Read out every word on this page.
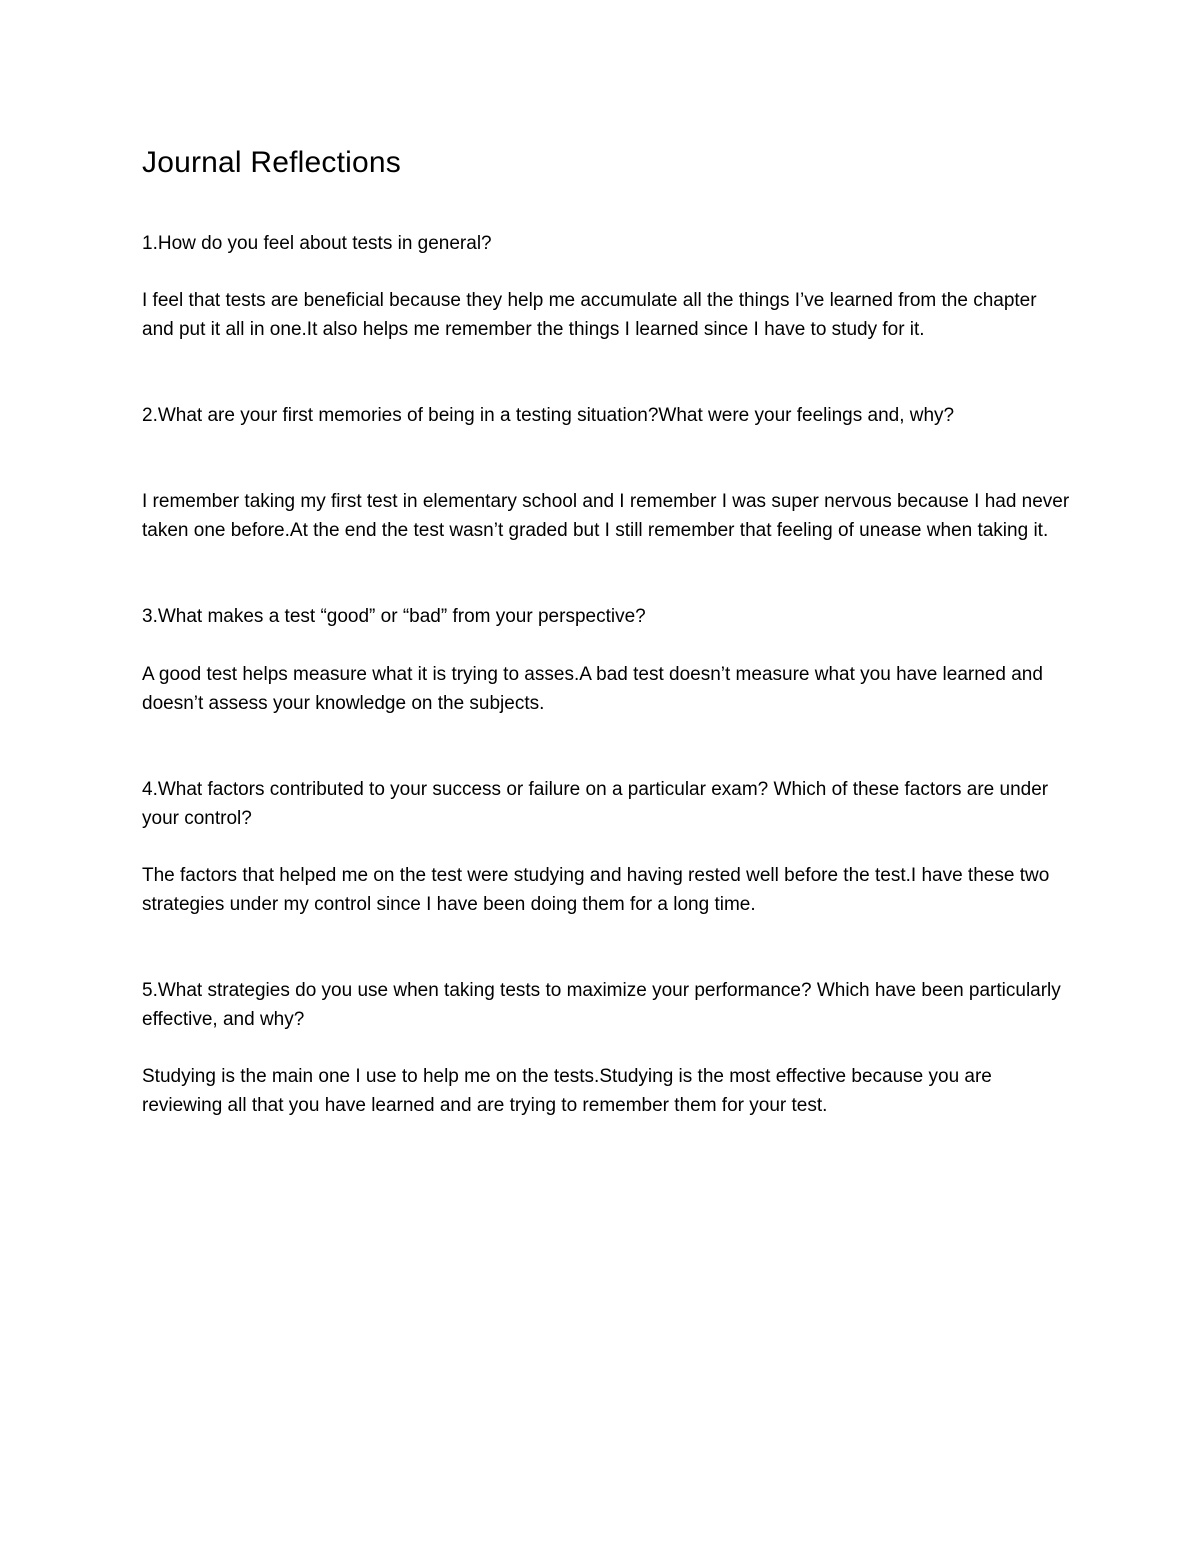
Journal Reflections

1.How do you feel about tests in general?

I feel that tests are beneficial because they help me accumulate all the things I’ve learned from the chapter and put it all in one.It also helps me remember the things I learned since I have to study for it.

2.What are your first memories of being in a testing situation?What were your feelings and, why?

I remember taking my first test in elementary school and I remember I was super nervous because I had never taken one before.At the end the test wasn’t graded but I still remember that feeling of unease when taking it.

3.What makes a test “good” or “bad” from your perspective?

A good test helps measure what it is trying to asses.A bad test doesn’t measure what you have learned and doesn’t assess your knowledge on the subjects.

4.What factors contributed to your success or failure on a particular exam? Which of these factors are under your control?

The factors that helped me on the test were studying and having rested well before the test.I have these two strategies under my control since I have been doing them for a long time.

5.What strategies do you use when taking tests to maximize your performance? Which have been particularly effective, and why?

Studying is the main one I use to help me on the tests.Studying is the most effective because you are reviewing all that you have learned and are trying to remember them for your test.
